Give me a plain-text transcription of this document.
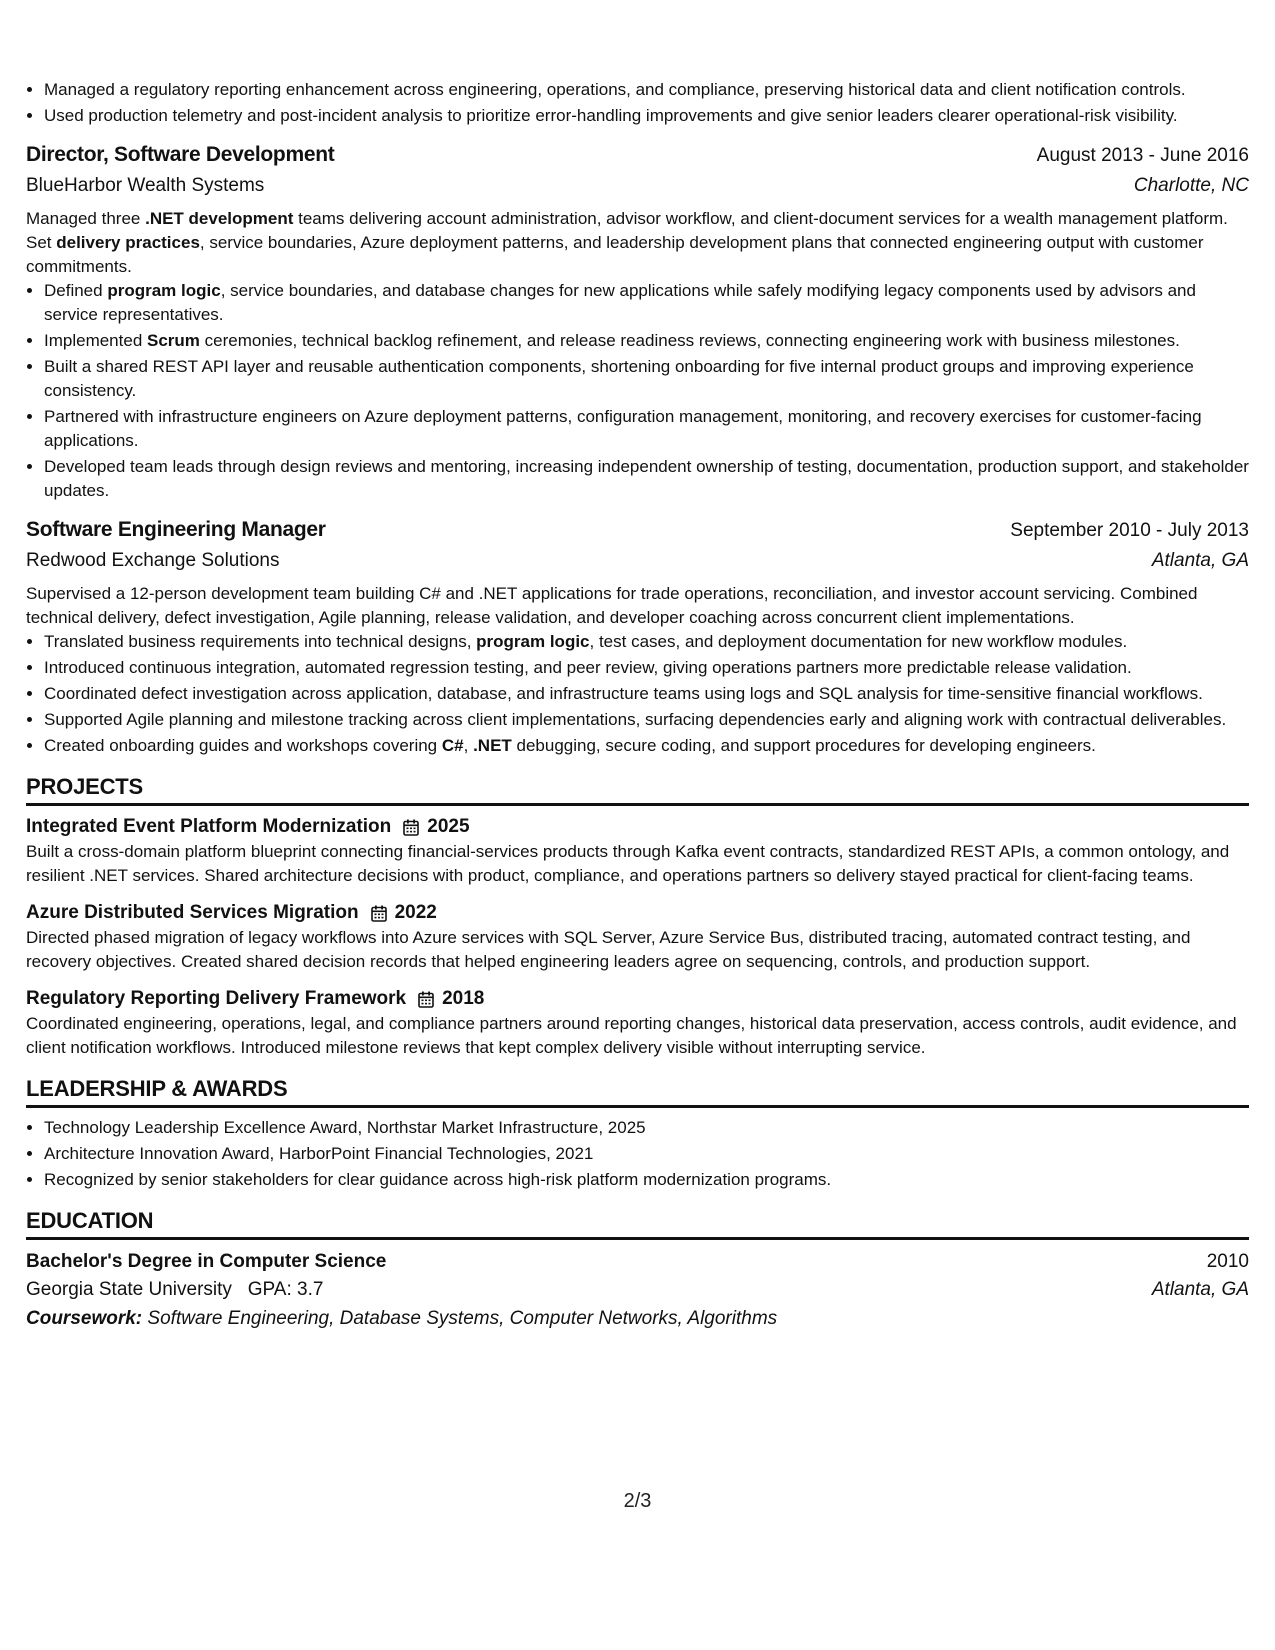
• Managed a regulatory reporting enhancement across engineering, operations, and compliance, preserving historical data and client notification controls.
• Used production telemetry and post-incident analysis to prioritize error-handling improvements and give senior leaders clearer operational-risk visibility.
Director, Software Development	August 2013 - June 2016
BlueHarbor Wealth Systems	Charlotte, NC

Managed three .NET development teams delivering account administration, advisor workflow, and client-document services for a wealth management platform. Set delivery practices, service boundaries, Azure deployment patterns, and leadership development plans that connected engineering output with customer commitments.

• Defined program logic, service boundaries, and database changes for new applications while safely modifying legacy components used by advisors and service representatives.
• Implemented Scrum ceremonies, technical backlog refinement, and release readiness reviews, connecting engineering work with business milestones.
• Built a shared REST API layer and reusable authentication components, shortening onboarding for five internal product groups and improving experience consistency.
• Partnered with infrastructure engineers on Azure deployment patterns, configuration management, monitoring, and recovery exercises for customer-facing applications.
• Developed team leads through design reviews and mentoring, increasing independent ownership of testing, documentation, production support, and stakeholder updates.
Software Engineering Manager	September 2010 - July 2013
Redwood Exchange Solutions	Atlanta, GA

Supervised a 12-person development team building C# and .NET applications for trade operations, reconciliation, and investor account servicing. Combined technical delivery, defect investigation, Agile planning, release validation, and developer coaching across concurrent client implementations.

• Translated business requirements into technical designs, program logic, test cases, and deployment documentation for new workflow modules.
• Introduced continuous integration, automated regression testing, and peer review, giving operations partners more predictable release validation.
• Coordinated defect investigation across application, database, and infrastructure teams using logs and SQL analysis for time-sensitive financial workflows.
• Supported Agile planning and milestone tracking across client implementations, surfacing dependencies early and aligning work with contractual deliverables.
• Created onboarding guides and workshops covering C#, .NET debugging, secure coding, and support procedures for developing engineers.
PROJECTS
Integrated Event Platform Modernization 2025

Built a cross-domain platform blueprint connecting financial-services products through Kafka event contracts, standardized REST APIs, a common ontology, and resilient .NET services. Shared architecture decisions with product, compliance, and operations partners so delivery stayed practical for client-facing teams.

Azure Distributed Services Migration 2022

Directed phased migration of legacy workflows into Azure services with SQL Server, Azure Service Bus, distributed tracing, automated contract testing, and recovery objectives. Created shared decision records that helped engineering leaders agree on sequencing, controls, and production support.

Regulatory Reporting Delivery Framework 2018

Coordinated engineering, operations, legal, and compliance partners around reporting changes, historical data preservation, access controls, audit evidence, and client notification workflows. Introduced milestone reviews that kept complex delivery visible without interrupting service.

LEADERSHIP & AWARDS
• Technology Leadership Excellence Award, Northstar Market Infrastructure, 2025
• Architecture Innovation Award, HarborPoint Financial Technologies, 2021
• Recognized by senior stakeholders for clear guidance across high-risk platform modernization programs.
EDUCATION
Bachelor's Degree in Computer Science	2010
Georgia State University GPA: 3.7	Atlanta, GA
Coursework: Software Engineering, Database Systems, Computer Networks, Algorithms
2/3
